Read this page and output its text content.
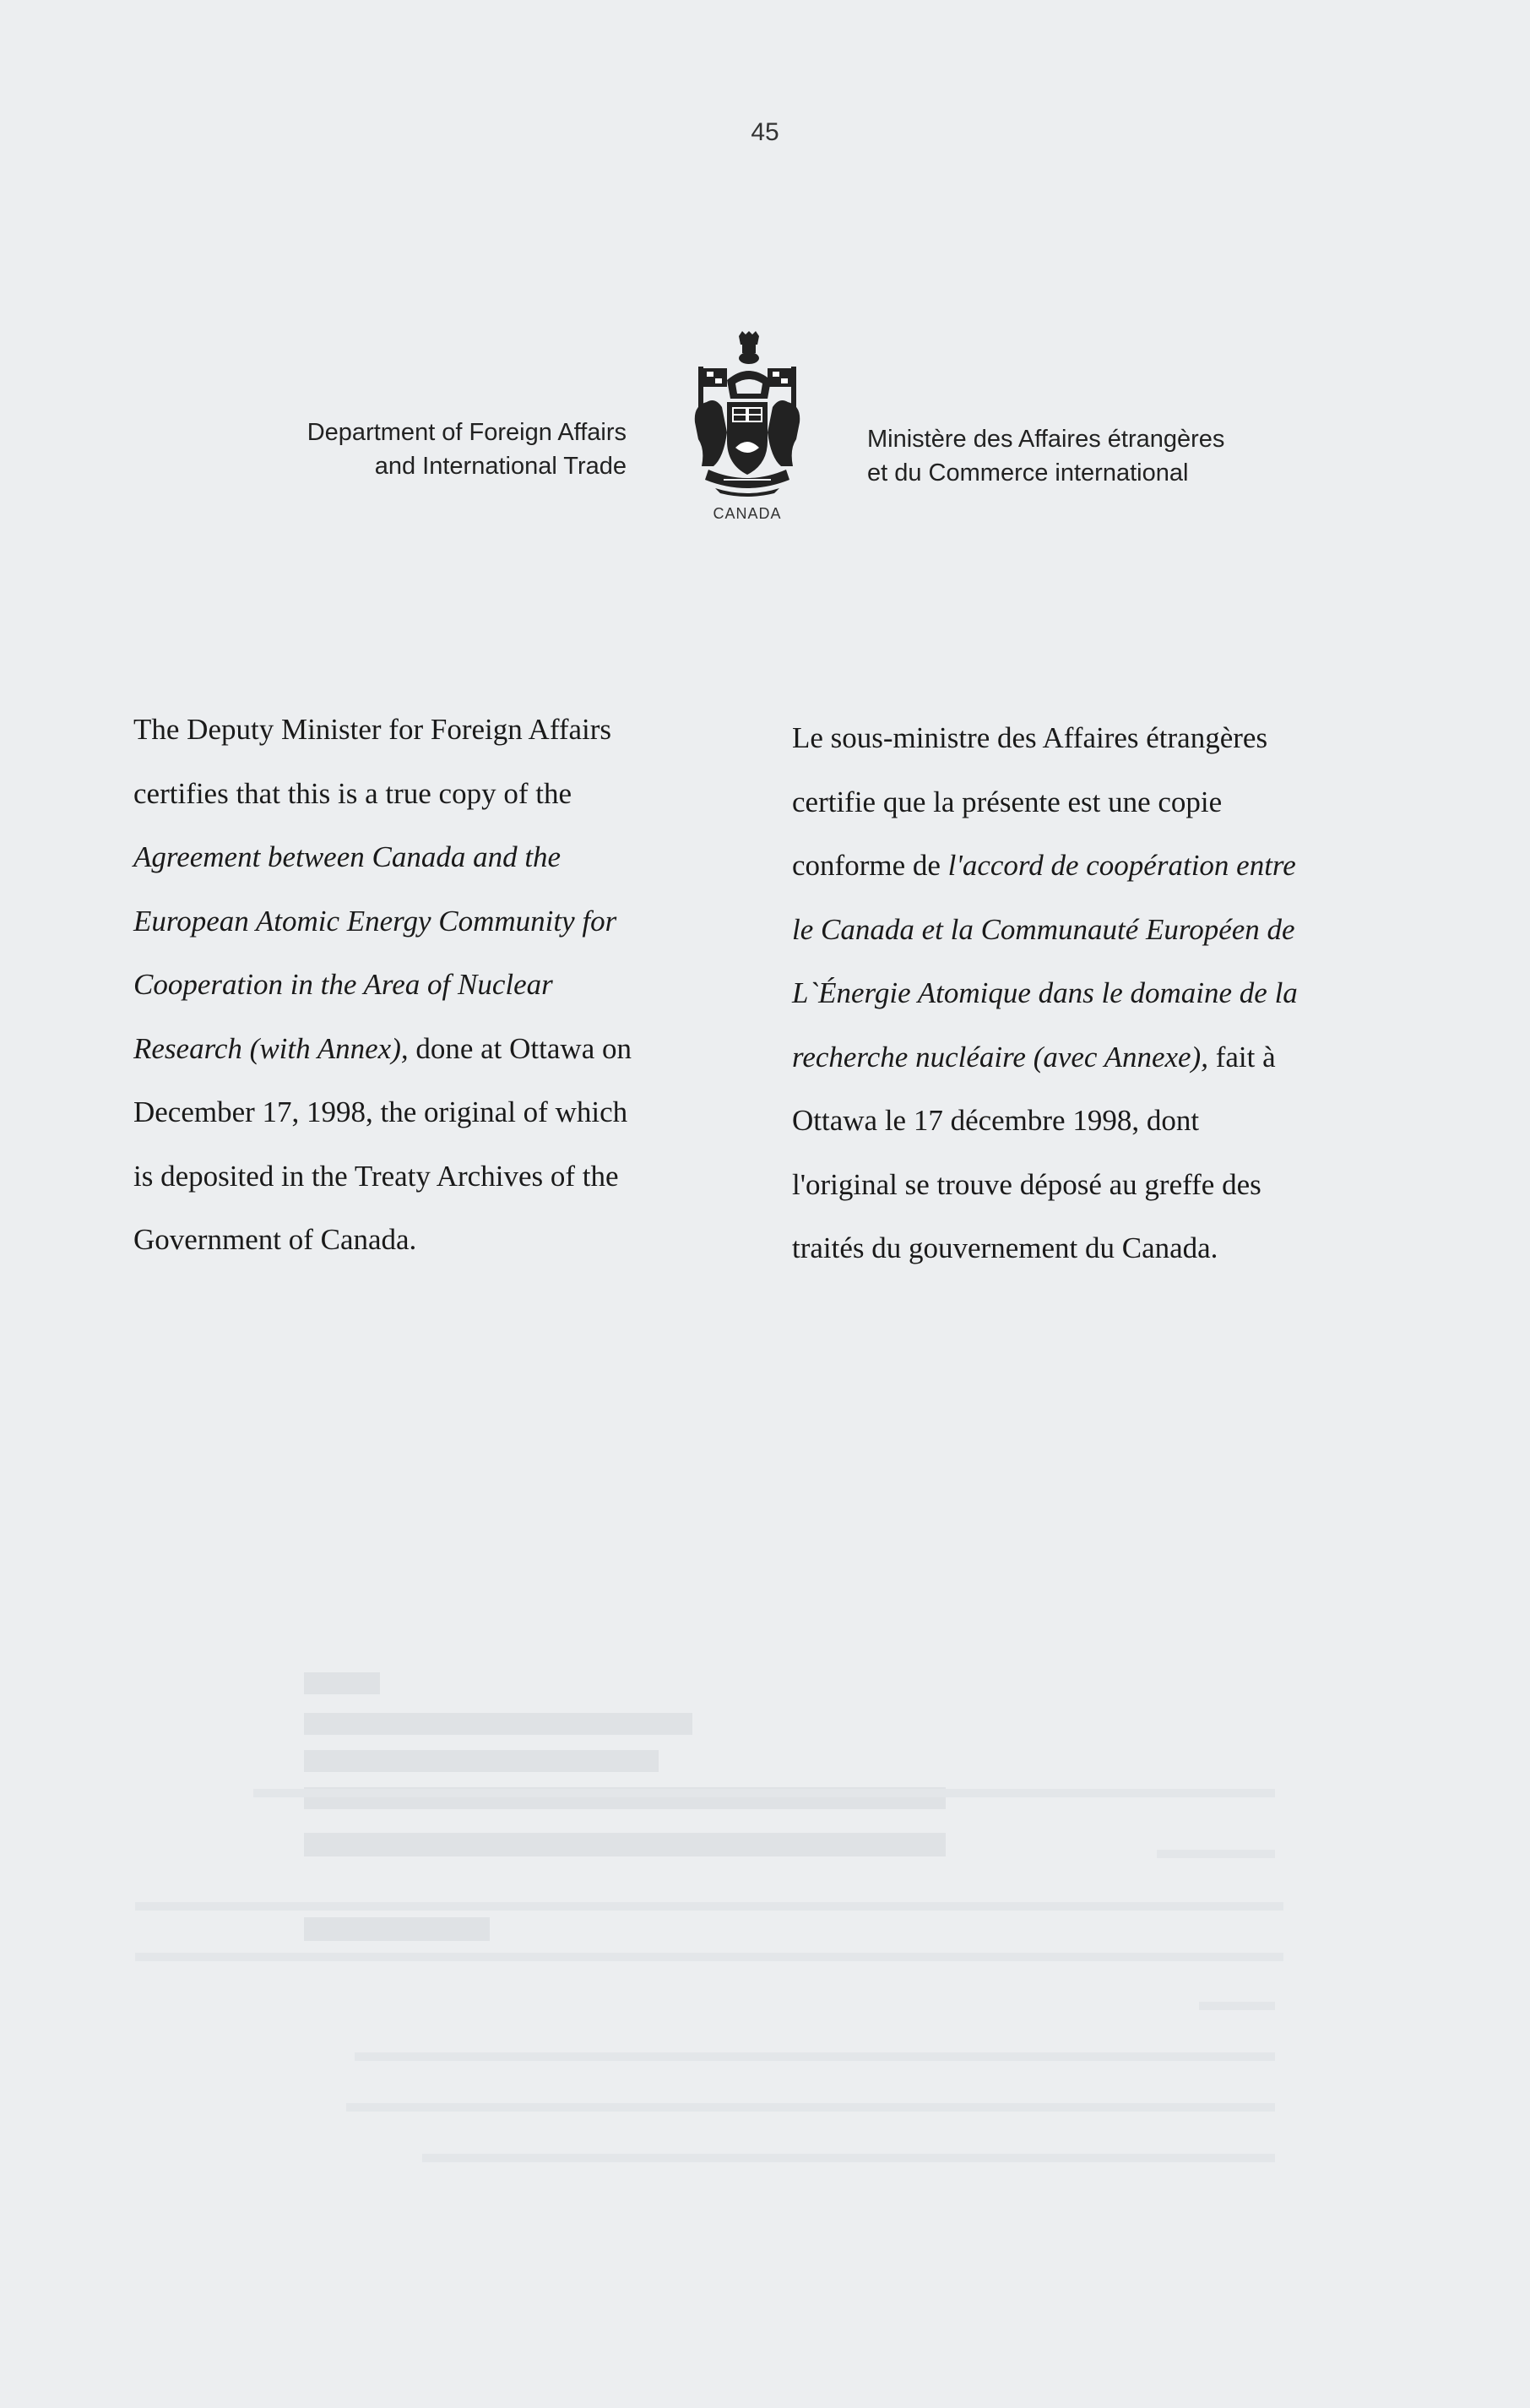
45
Department of Foreign Affairs
and International Trade
CANADA
Ministère des Affaires étrangères
et du Commerce international
The Deputy Minister for Foreign Affairs
certifies that this is a true copy of the
Agreement between Canada and the
European Atomic Energy Community for
Cooperation in the Area of Nuclear
Research (with Annex), done at Ottawa on
December 17, 1998, the original of which
is deposited in the Treaty Archives of the
Government of Canada.
Le sous-ministre des Affaires étrangères
certifie que la présente est une copie
conforme de l'accord de coopération entre
le Canada et la Communauté Européen de
L`Énergie Atomique dans le domaine de la
recherche nucléaire (avec Annexe), fait à
Ottawa le 17 décembre 1998, dont
l'original se trouve déposé au greffe des
traités du gouvernement du Canada.
